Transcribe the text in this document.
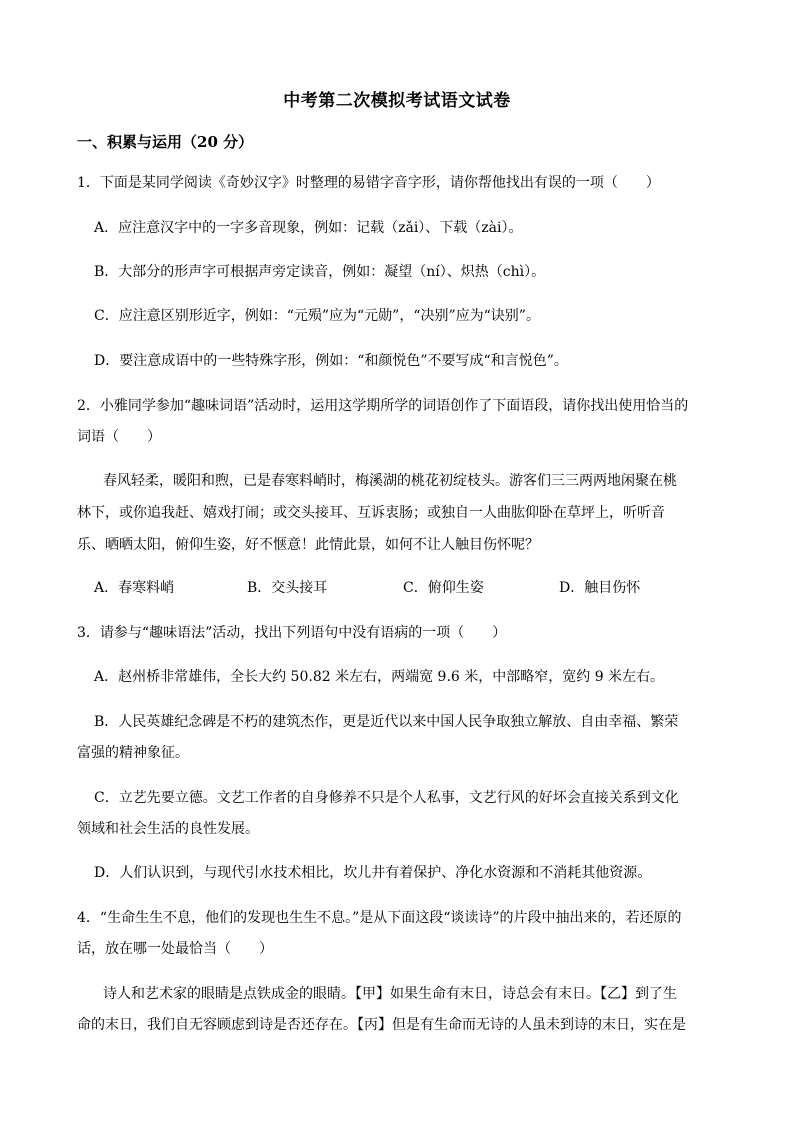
中考第二次模拟考试语文试卷
一、积累与运用（20 分）
1．下面是某同学阅读《奇妙汉字》时整理的易错字音字形，请你帮他找出有误的一项（　　）
A．应注意汉字中的一字多音现象，例如：记载（zǎi）、下载（zài）。
B．大部分的形声字可根据声旁定读音，例如：凝望（ní）、炽热（chì）。
C．应注意区别形近字，例如：“元殒”应为“元勋”，“决别”应为“诀别”。
D．要注意成语中的一些特殊字形，例如：“和颜悦色”不要写成“和言悦色”。
2．小雅同学参加“趣味词语”活动时，运用这学期所学的词语创作了下面语段，请你找出使用恰当的
词语（　　）
春风轻柔，暖阳和煦，已是春寒料峭时，梅溪湖的桃花初绽枝头。游客们三三两两地闲聚在桃
林下，或你追我赶、嬉戏打闹；或交头接耳、互诉衷肠；或独自一人曲肱仰卧在草坪上，听听音
乐、晒晒太阳，俯仰生姿，好不惬意！此情此景，如何不让人触目伤怀呢？
A．春寒料峭	B．交头接耳	C．俯仰生姿	D．触目伤怀
3．请参与“趣味语法”活动，找出下列语句中没有语病的一项（　　）
A．赵州桥非常雄伟，全长大约 50.82 米左右，两端宽 9.6 米，中部略窄，宽约 9 米左右。
B．人民英雄纪念碑是不朽的建筑杰作，更是近代以来中国人民争取独立解放、自由幸福、繁荣
富强的精神象征。
C．立艺先要立德。文艺工作者的自身修养不只是个人私事，文艺行风的好坏会直接关系到文化
领域和社会生活的良性发展。
D．人们认识到，与现代引水技术相比，坎儿井有着保护、净化水资源和不消耗其他资源。
4．“生命生生不息，他们的发现也生生不息。”是从下面这段“谈读诗”的片段中抽出来的，若还原的
话，放在哪一处最恰当（　　）
诗人和艺术家的眼睛是点铁成金的眼睛。【甲】如果生命有末日，诗总会有末日。【乙】到了生
命的末日，我们自无容顾虑到诗是否还存在。【丙】但是有生命而无诗的人虽未到诗的末日，实在是
